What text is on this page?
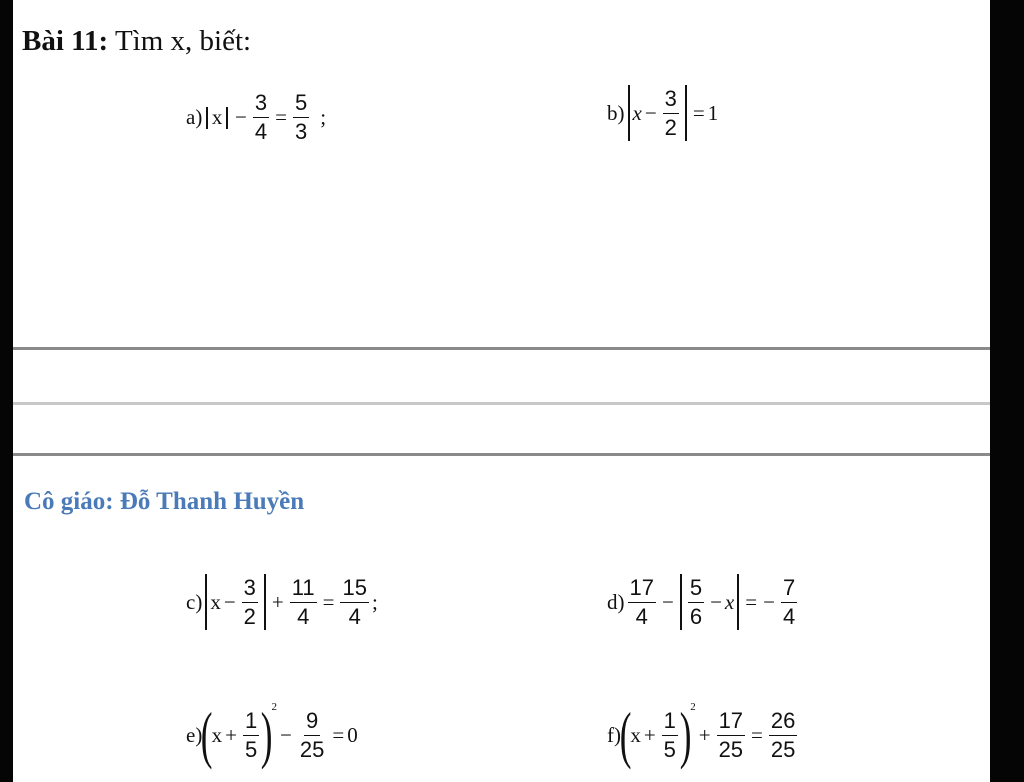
Bài 11: Tìm x, biết:
a) $x - \frac{3}{4} = \frac{5}{3}$ ;	b) $x - \frac{3}{2} = 1$
Cô giáo: Đỗ Thanh Huyền
c) $x - \frac{3}{2} + \frac{11}{4} = \frac{15}{4}$ ;	$d) \frac{17}{4} - \frac{5}{6} - x$ = − $\frac{7}{4}$
e)
(
$x + \frac{1}{5}$ )
2
− $\frac{9}{25} = 0$	f)
(
$x + \frac{1}{5}$ )
2
+ $\frac{17}{25} = \frac{26}{25}$
